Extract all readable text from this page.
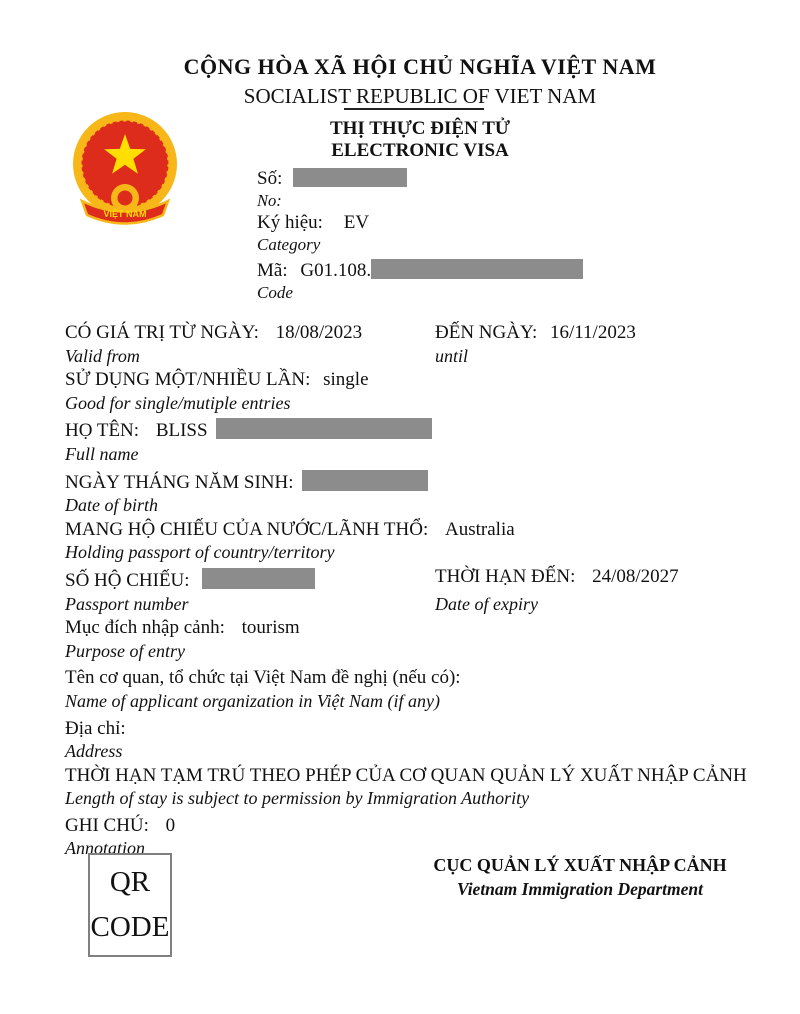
CỘNG HÒA XÃ HỘI CHỦ NGHĨA VIỆT NAM
SOCIALIST REPUBLIC OF VIET NAM
THỊ THỰC ĐIỆN TỬ
ELECTRONIC VISA
VIỆT NAM
Số:
No:
Ký hiệu: EV
Category
Mã: G01.108.
Code
CÓ GIÁ TRỊ TỪ NGÀY: 18/08/2023	ĐẾN NGÀY: 16/11/2023
Valid from	until
SỬ DỤNG MỘT/NHIỀU LẦN: single
Good for single/mutiple entries
HỌ TÊN: BLISS
Full name
NGÀY THÁNG NĂM SINH:
Date of birth
MANG HỘ CHIẾU CỦA NƯỚC/LÃNH THỔ: Australia
Holding passport of country/territory
SỐ HỘ CHIẾU:	THỜI HẠN ĐẾN: 24/08/2027
Passport number	Date of expiry
Mục đích nhập cảnh: tourism
Purpose of entry
Tên cơ quan, tổ chức tại Việt Nam đề nghị (nếu có):
Name of applicant organization in Việt Nam (if any)
Địa chỉ:
Address
THỜI HẠN TẠM TRÚ THEO PHÉP CỦA CƠ QUAN QUẢN LÝ XUẤT NHẬP CẢNH
Length of stay is subject to permission by Immigration Authority
GHI CHÚ: 0
Annotation
QR
CODE
CỤC QUẢN LÝ XUẤT NHẬP CẢNH
Vietnam Immigration Department
